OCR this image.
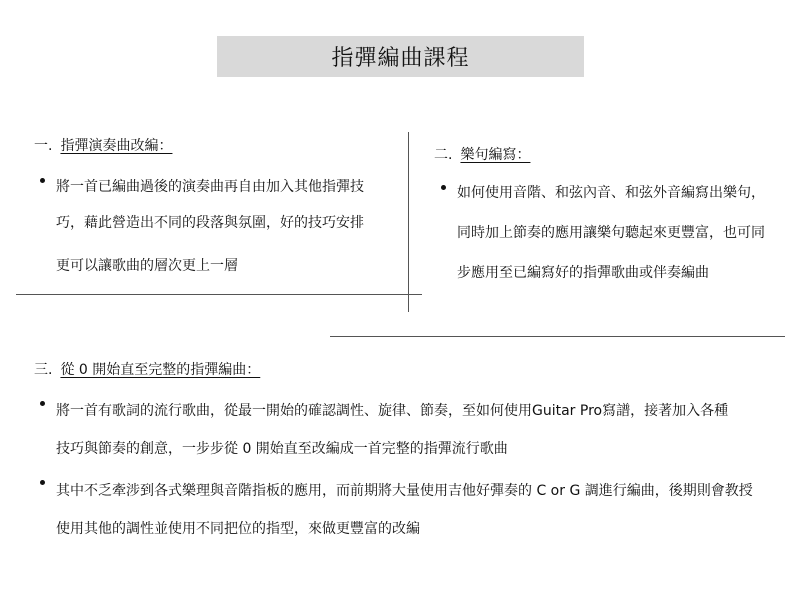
指彈編曲課程
一. 指彈演奏曲改編：
將一首已編曲過後的演奏曲再自由加入其他指彈技
巧，藉此營造出不同的段落與氛圍，好的技巧安排
更可以讓歌曲的層次更上一層
二. 樂句編寫：
如何使用音階、和弦內音、和弦外音編寫出樂句，
同時加上節奏的應用讓樂句聽起來更豐富，也可同
步應用至已編寫好的指彈歌曲或伴奏編曲
三. 從 0 開始直至完整的指彈編曲：
將一首有歌詞的流行歌曲，從最一開始的確認調性、旋律、節奏，至如何使用Guitar Pro寫譜，接著加入各種
技巧與節奏的創意，一步步從 0 開始直至改編成一首完整的指彈流行歌曲
其中不乏牽涉到各式樂理與音階指板的應用，而前期將大量使用吉他好彈奏的 C or G 調進行編曲，後期則會教授
使用其他的調性並使用不同把位的指型，來做更豐富的改編
